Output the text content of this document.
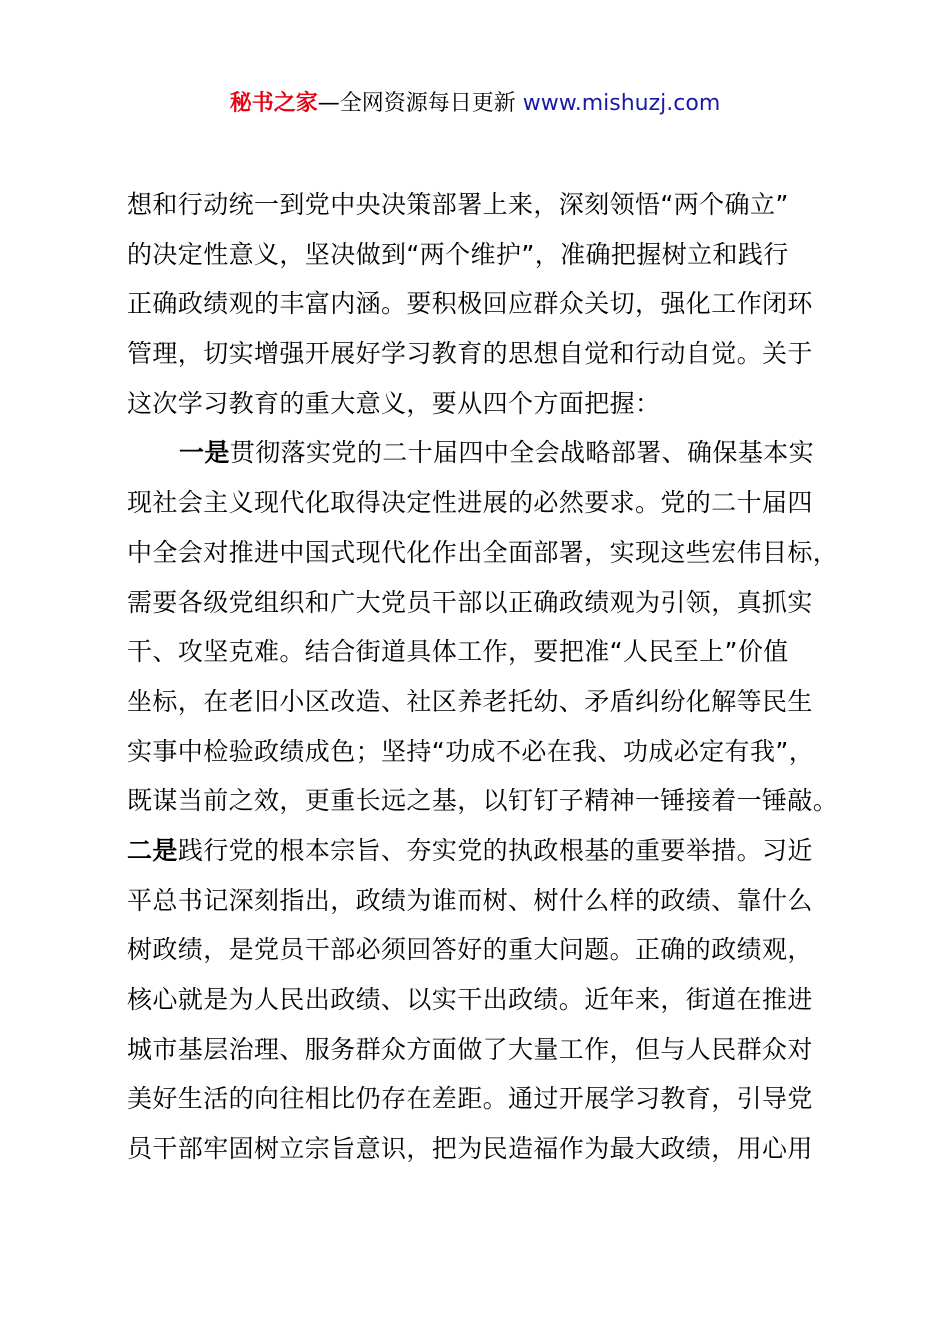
秘书之家—全网资源每日更新 www.mishuzj.com
想和行动统一到党中央决策部署上来，深刻领悟“两个确立”
的决定性意义，坚决做到“两个维护”，准确把握树立和践行
正确政绩观的丰富内涵。要积极回应群众关切，强化工作闭环
管理，切实增强开展好学习教育的思想自觉和行动自觉。关于
这次学习教育的重大意义，要从四个方面把握：
一是贯彻落实党的二十届四中全会战略部署、确保基本实
现社会主义现代化取得决定性进展的必然要求。党的二十届四
中全会对推进中国式现代化作出全面部署，实现这些宏伟目标，
需要各级党组织和广大党员干部以正确政绩观为引领，真抓实
干、攻坚克难。结合街道具体工作，要把准“人民至上”价值
坐标，在老旧小区改造、社区养老托幼、矛盾纠纷化解等民生
实事中检验政绩成色；坚持“功成不必在我、功成必定有我”，
既谋当前之效，更重长远之基，以钉钉子精神一锤接着一锤敲。
二是践行党的根本宗旨、夯实党的执政根基的重要举措。习近
平总书记深刻指出，政绩为谁而树、树什么样的政绩、靠什么
树政绩，是党员干部必须回答好的重大问题。正确的政绩观，
核心就是为人民出政绩、以实干出政绩。近年来，街道在推进
城市基层治理、服务群众方面做了大量工作，但与人民群众对
美好生活的向往相比仍存在差距。通过开展学习教育，引导党
员干部牢固树立宗旨意识，把为民造福作为最大政绩，用心用
